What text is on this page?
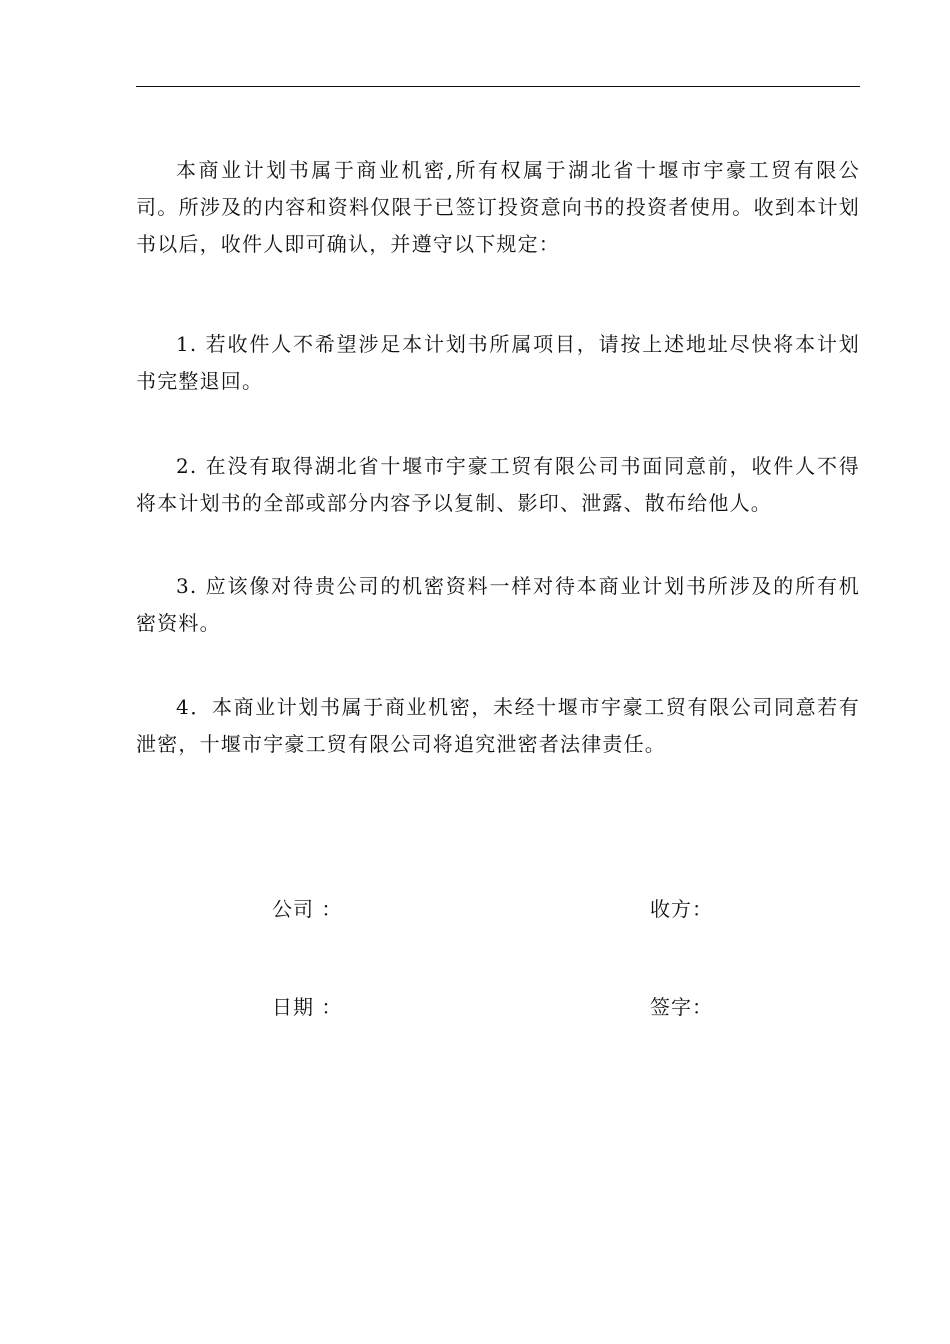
本商业计划书属于商业机密,所有权属于湖北省十堰市宇豪工贸有限公司。所涉及的内容和资料仅限于已签订投资意向书的投资者使用。收到本计划书以后，收件人即可确认，并遵守以下规定：

1. 若收件人不希望涉足本计划书所属项目，请按上述地址尽快将本计划书完整退回。

2. 在没有取得湖北省十堰市宇豪工贸有限公司书面同意前，收件人不得将本计划书的全部或部分内容予以复制、影印、泄露、散布给他人。

3. 应该像对待贵公司的机密资料一样对待本商业计划书所涉及的所有机密资料。

4．本商业计划书属于商业机密，未经十堰市宇豪工贸有限公司同意若有泄密，十堰市宇豪工贸有限公司将追究泄密者法律责任。

公司 ：	收方：
日期 ：	签字：
